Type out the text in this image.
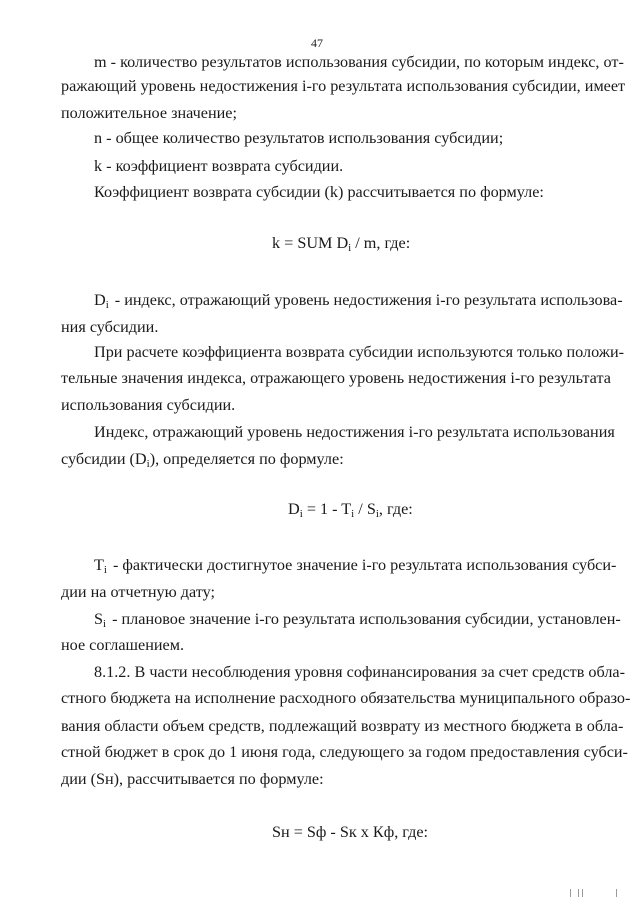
47
m - количество результатов использования субсидии, по которым индекс, от-
ражающий уровень недостижения i-го результата использования субсидии, имеет
положительное значение;
n - общее количество результатов использования субсидии;
k - коэффициент возврата субсидии.
Коэффициент возврата субсидии (k) рассчитывается по формуле:
k = SUM $D_i$ / m, где:
$D_i$ - индекс, отражающий уровень недостижения i-го результата использова-
ния субсидии.
При расчете коэффициента возврата субсидии используются только положи-
тельные значения индекса, отражающего уровень недостижения i-го результата
использования субсидии.
Индекс, отражающий уровень недостижения i-го результата использования
субсидии $(D_i)$, определяется по формуле:
$D_i = 1 - T_i / S_i$, где:
$T_i$ - фактически достигнутое значение i-го результата использования субси-
дии на отчетную дату;
$S_i$ - плановое значение i-го результата использования субсидии, установлен-
ное соглашением.
8.1.2. В части несоблюдения уровня софинансирования за счет средств обла-
стного бюджета на исполнение расходного обязательства муниципального образо-
вания области объем средств, подлежащий возврату из местного бюджета в обла-
стной бюджет в срок до 1 июня года, следующего за годом предоставления субси-
дии (Sн), рассчитывается по формуле:
Sн = Sф - Sк x Кф, где:
